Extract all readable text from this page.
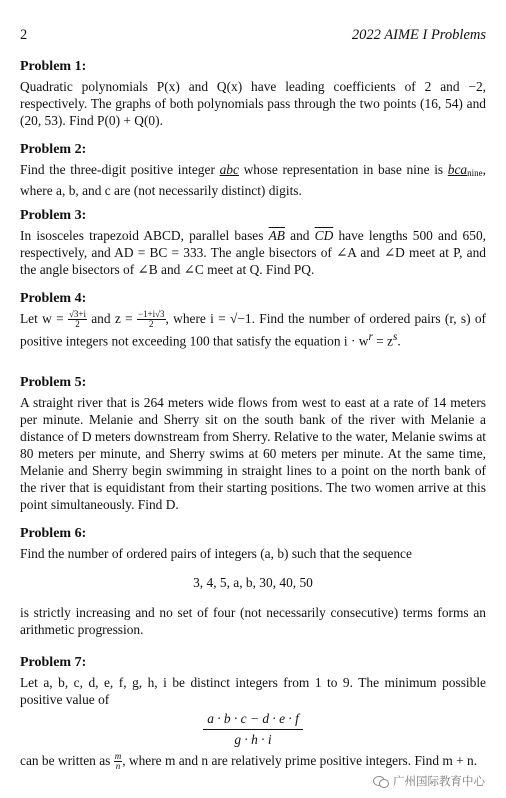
2	2022 AIME I Problems
Problem 1:

Quadratic polynomials P(x) and Q(x) have leading coefficients of 2 and −2, respectively. The graphs of both polynomials pass through the two points (16, 54) and (20, 53). Find P(0) + Q(0).

Problem 2:

Find the three-digit positive integer abc whose representation in base nine is bca$_{nine}$, where a, b, and c are (not necessarily distinct) digits.

Problem 3:

In isosceles trapezoid ABCD, parallel bases $\overline{AB}$ and $\overline{CD}$ have lengths 500 and 650, respectively, and AD = BC = 333. The angle bisectors of ∠A and ∠D meet at P, and the angle bisectors of ∠B and ∠C meet at Q. Find PQ.

Problem 4:

Let $w = \frac{√3+i}{2}$ and $z = \frac{-1+i√3}{2}$ , where i = √−1. Find the number of ordered pairs (r, s) of positive integers not exceeding 100 that satisfy the equation $i \cdot w^r = z^s$.

Problem 5:

A straight river that is 264 meters wide flows from west to east at a rate of 14 meters per minute. Melanie and Sherry sit on the south bank of the river with Melanie a distance of D meters downstream from Sherry. Relative to the water, Melanie swims at 80 meters per minute, and Sherry swims at 60 meters per minute. At the same time, Melanie and Sherry begin swimming in straight lines to a point on the north bank of the river that is equidistant from their starting positions. The two women arrive at this point simultaneously. Find D.

Problem 6:

Find the number of ordered pairs of integers (a, b) such that the sequence

3, 4, 5, a, b, 30, 40, 50

is strictly increasing and no set of four (not necessarily consecutive) terms forms an arithmetic progression.

Problem 7:

Let a, b, c, d, e, f, g, h, i be distinct integers from 1 to 9. The minimum possible positive value of

$\frac{a \cdot b \cdot c - d \cdot e \cdot f}{g \cdot h \cdot i}$

can be written as $\frac{m}{n}$ , where m and n are relatively prime positive integers. Find m + n.

广州国际教育中心
